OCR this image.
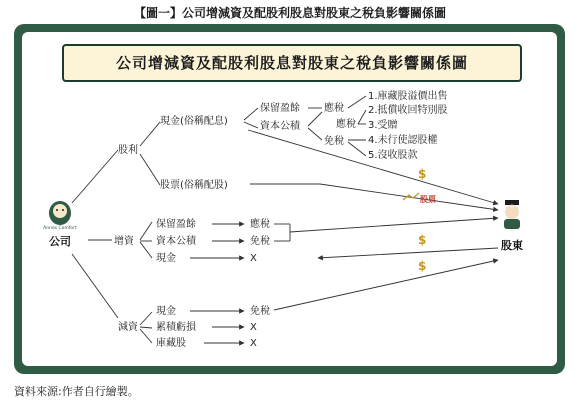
【圖一】公司增減資及配股利股息對股東之稅負影響關係圖
公司增減資及配股利股息對股東之稅負影響關係圖
Annes Comfort
公司
山
股東
股利
增資
減資
現金(俗稱配息)
股票(俗稱配股)
保留盈餘
資本公積
應稅
應稅
免稅
1.庫藏股溢價出售
2.抵償收回特別股
3.受贈
4.未行使認股權
5.沒收股款
$
股票
保留盈餘
資本公積
現金
應稅
免稅
X
$
$
現金
累積虧損
庫藏股
免稅
X
X
資料來源:作者自行繪製。
